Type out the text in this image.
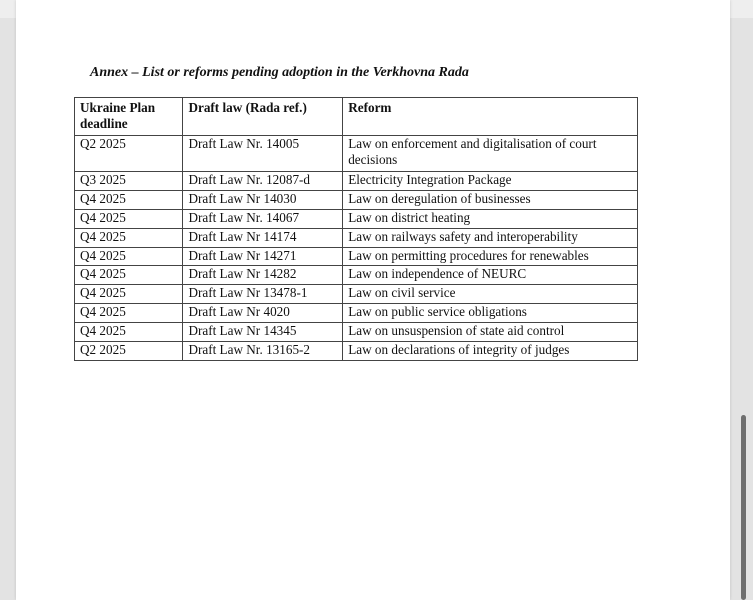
Annex – List or reforms pending adoption in the Verkhovna Rada
Ukraine Plan deadline	Draft law (Rada ref.)	Reform
Q2 2025	Draft Law Nr. 14005	Law on enforcement and digitalisation of court decisions
Q3 2025	Draft Law Nr. 12087-d	Electricity Integration Package
Q4 2025	Draft Law Nr 14030	Law on deregulation of businesses
Q4 2025	Draft Law Nr. 14067	Law on district heating
Q4 2025	Draft Law Nr 14174	Law on railways safety and interoperability
Q4 2025	Draft Law Nr 14271	Law on permitting procedures for renewables
Q4 2025	Draft Law Nr 14282	Law on independence of NEURC
Q4 2025	Draft Law Nr 13478-1	Law on civil service
Q4 2025	Draft Law Nr 4020	Law on public service obligations
Q4 2025	Draft Law Nr 14345	Law on unsuspension of state aid control
Q2 2025	Draft Law Nr. 13165-2	Law on declarations of integrity of judges
